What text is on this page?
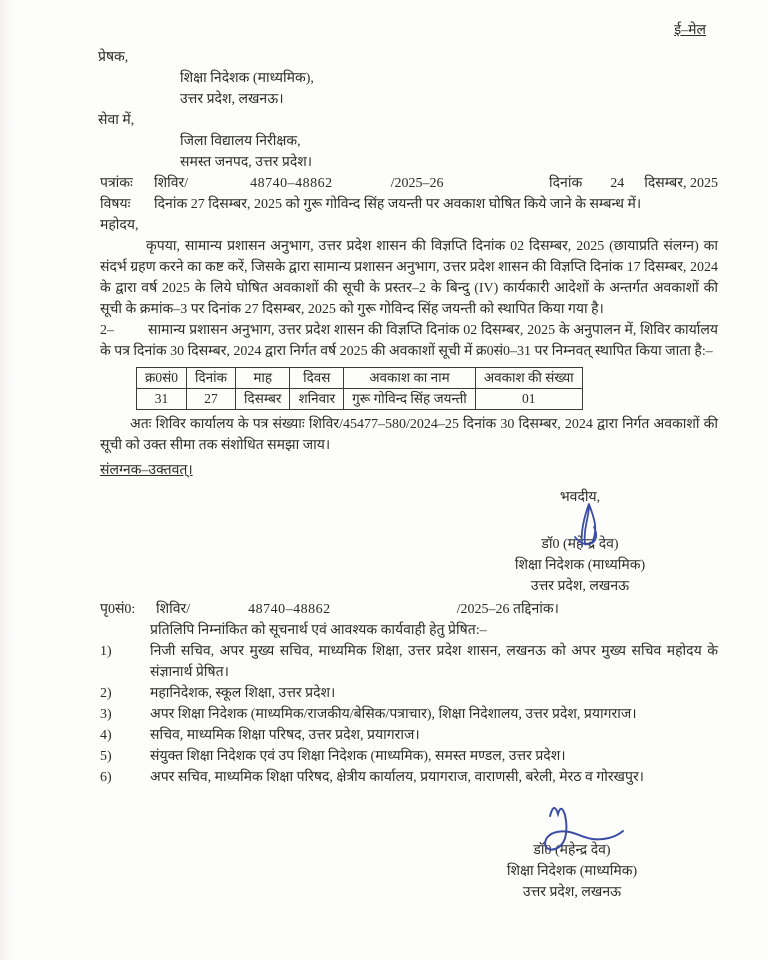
ई–मेल
प्रेषक,
शिक्षा निदेशक (माध्यमिक),
उत्तर प्रदेश, लखनऊ।
सेवा में,
जिला विद्यालय निरीक्षक,
समस्त जनपद, उत्तर प्रदेश।
पत्रांकः	शिविर/	48740–48862	/2025–26	दिनांक 24 दिसम्बर, 2025
विषयः	दिनांक 27 दिसम्बर, 2025 को गुरू गोविन्द सिंह जयन्ती पर अवकाश घोषित किये जाने के सम्बन्ध में।
महोदय,

कृपया, सामान्य प्रशासन अनुभाग, उत्तर प्रदेश शासन की विज्ञप्ति दिनांक 02 दिसम्बर, 2025 (छायाप्रति संलग्न) का संदर्भ ग्रहण करने का कष्ट करें, जिसके द्वारा सामान्य प्रशासन अनुभाग, उत्तर प्रदेश शासन की विज्ञप्ति दिनांक 17 दिसम्बर, 2024 के द्वारा वर्ष 2025 के लिये घोषित अवकाशों की सूची के प्रस्तर–2 के बिन्दु (IV) कार्यकारी आदेशों के अन्तर्गत अवकाशों की सूची के क्रमांक–3 पर दिनांक 27 दिसम्बर, 2025 को गुरू गोविन्द सिंह जयन्ती को स्थापित किया गया है।

2– सामान्य प्रशासन अनुभाग, उत्तर प्रदेश शासन की विज्ञप्ति दिनांक 02 दिसम्बर, 2025 के अनुपालन में, शिविर कार्यालय के पत्र दिनांक 30 दिसम्बर, 2024 द्वारा निर्गत वर्ष 2025 की अवकाशों सूची में क्र0सं0–31 पर निम्नवत् स्थापित किया जाता है:–

क्र0सं0	दिनांक	माह	दिवस	अवकाश का नाम	अवकाश की संख्या
31	27	दिसम्बर	शनिवार	गुरू गोविन्द सिंह जयन्ती	01

अतः शिविर कार्यालय के पत्र संख्याः शिविर/45477–580/2024–25 दिनांक 30 दिसम्बर, 2024 द्वारा निर्गत अवकाशों की सूची को उक्त सीमा तक संशोधित समझा जाय।

संलग्नक–उक्तवत्।
भवदीय,
डॉ0 (महेन्द्र देव)
शिक्षा निदेशक (माध्यमिक)
उत्तर प्रदेश, लखनऊ
पृ0सं0:	शिविर/	48740–48862	/2025–26 तद्दिनांक।
प्रतिलिपि निम्नांकित को सूचनार्थ एवं आवश्यक कार्यवाही हेतु प्रेषित:–
1)	निजी सचिव, अपर मुख्य सचिव, माध्यमिक शिक्षा, उत्तर प्रदेश शासन, लखनऊ को अपर मुख्य सचिव महोदय के संज्ञानार्थ प्रेषित।
2)	महानिदेशक, स्कूल शिक्षा, उत्तर प्रदेश।
3)	अपर शिक्षा निदेशक (माध्यमिक/राजकीय/बेसिक/पत्राचार), शिक्षा निदेशालय, उत्तर प्रदेश, प्रयागराज।
4)	सचिव, माध्यमिक शिक्षा परिषद, उत्तर प्रदेश, प्रयागराज।
5)	संयुक्त शिक्षा निदेशक एवं उप शिक्षा निदेशक (माध्यमिक), समस्त मण्डल, उत्तर प्रदेश।
6)	अपर सचिव, माध्यमिक शिक्षा परिषद, क्षेत्रीय कार्यालय, प्रयागराज, वाराणसी, बरेली, मेरठ व गोरखपुर।
डॉ0 (महेन्द्र देव)
शिक्षा निदेशक (माध्यमिक)
उत्तर प्रदेश, लखनऊ
